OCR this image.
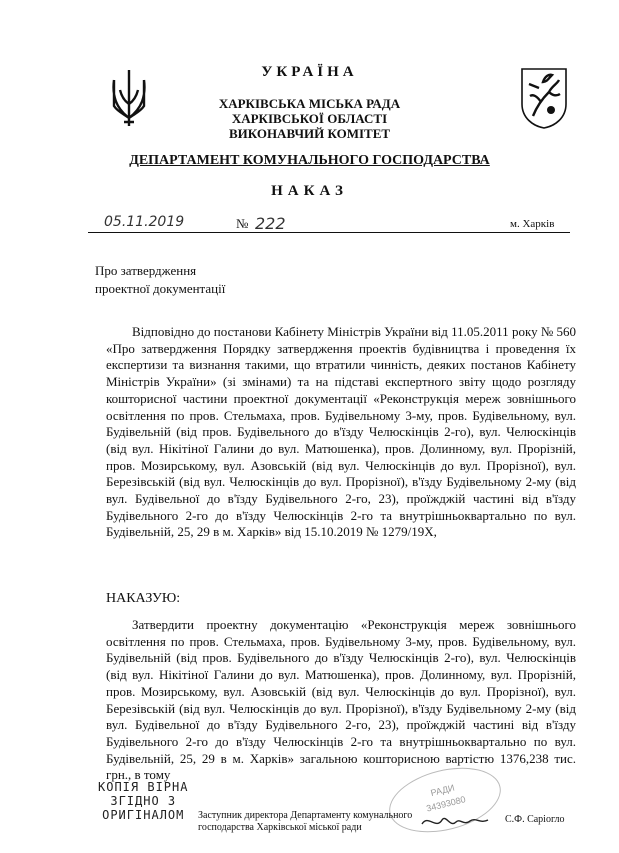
УКРАЇНА
ХАРКІВСЬКА МІСЬКА РАДА
ХАРКІВСЬКОЇ ОБЛАСТІ
ВИКОНАВЧИЙ КОМІТЕТ
ДЕПАРТАМЕНТ КОМУНАЛЬНОГО ГОСПОДАРСТВА
НАКАЗ
05.11.2019	№ 222	м. Харків
Про затвердження
проектної документації

Відповідно до постанови Кабінету Міністрів України від 11.05.2011 року № 560 «Про затвердження Порядку затвердження проектів будівництва і проведення їх експертизи та визнання такими, що втратили чинність, деяких постанов Кабінету Міністрів України» (зі змінами) та на підставі експертного звіту щодо розгляду кошторисної частини проектної документації «Реконструкція мереж зовнішнього освітлення по пров. Стельмаха, пров. Будівельному 3-му, пров. Будівельному, вул. Будівельній (від пров. Будівельного до в'їзду Челюскінців 2-го), вул. Челюскінців (від вул. Нікітіної Галини до вул. Матюшенка), пров. Долинному, вул. Прорізній, пров. Мозирському, вул. Азовській (від вул. Челюскінців до вул. Прорізної), вул. Березівській (від вул. Челюскінців до вул. Прорізної), в'їзду Будівельному 2-му (від вул. Будівельної до в'їзду Будівельного 2-го, 23), проїжджій частині від в'їзду Будівельного 2-го до в'їзду Челюскінців 2-го та внутрішньоквартально по вул. Будівельній, 25, 29 в м. Харків» від 15.10.2019 № 1279/19Х,

НАКАЗУЮ:

Затвердити проектну документацію «Реконструкція мереж зовнішнього освітлення по пров. Стельмаха, пров. Будівельному 3-му, пров. Будівельному, вул. Будівельній (від пров. Будівельного до в'їзду Челюскінців 2-го), вул. Челюскінців (від вул. Нікітіної Галини до вул. Матюшенка), пров. Долинному, вул. Прорізній, пров. Мозирському, вул. Азовській (від вул. Челюскінців до вул. Прорізної), вул. Березівській (від вул. Челюскінців до вул. Прорізної), в'їзду Будівельному 2-му (від вул. Будівельної до в'їзду Будівельного 2-го, 23), проїжджій частині від в'їзду Будівельного 2-го до в'їзду Челюскінців 2-го та внутрішньоквартально по вул. Будівельній, 25, 29 в м. Харків» загальною кошторисною вартістю 1376,238 тис. грн., в тому

РАДИ
34393080
КОПІЯ ВІРНА
ЗГІДНО З
ОРИГІНАЛОМ	Заступник директора Департаменту комунального
господарства Харківської міської ради
С.Ф. Саріогло
